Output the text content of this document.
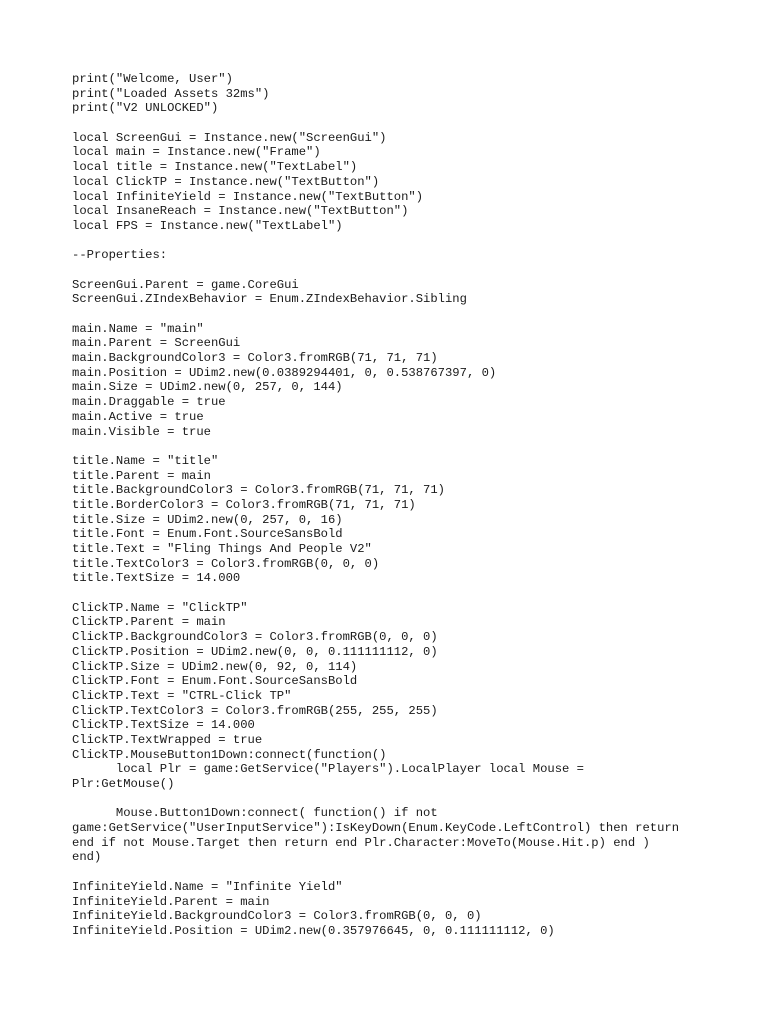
print("Welcome, User")
print("Loaded Assets 32ms")
print("V2 UNLOCKED")
local ScreenGui = Instance.new("ScreenGui")
local main = Instance.new("Frame")
local title = Instance.new("TextLabel")
local ClickTP = Instance.new("TextButton")
local InfiniteYield = Instance.new("TextButton")
local InsaneReach = Instance.new("TextButton")
local FPS = Instance.new("TextLabel")
--Properties:
ScreenGui.Parent = game.CoreGui
ScreenGui.ZIndexBehavior = Enum.ZIndexBehavior.Sibling
main.Name = "main"
main.Parent = ScreenGui
main.BackgroundColor3 = Color3.fromRGB(71, 71, 71)
main.Position = UDim2.new(0.0389294401, 0, 0.538767397, 0)
main.Size = UDim2.new(0, 257, 0, 144)
main.Draggable = true
main.Active = true
main.Visible = true
title.Name = "title"
title.Parent = main
title.BackgroundColor3 = Color3.fromRGB(71, 71, 71)
title.BorderColor3 = Color3.fromRGB(71, 71, 71)
title.Size = UDim2.new(0, 257, 0, 16)
title.Font = Enum.Font.SourceSansBold
title.Text = "Fling Things And People V2"
title.TextColor3 = Color3.fromRGB(0, 0, 0)
title.TextSize = 14.000
ClickTP.Name = "ClickTP"
ClickTP.Parent = main
ClickTP.BackgroundColor3 = Color3.fromRGB(0, 0, 0)
ClickTP.Position = UDim2.new(0, 0, 0.111111112, 0)
ClickTP.Size = UDim2.new(0, 92, 0, 114)
ClickTP.Font = Enum.Font.SourceSansBold
ClickTP.Text = "CTRL-Click TP"
ClickTP.TextColor3 = Color3.fromRGB(255, 255, 255)
ClickTP.TextSize = 14.000
ClickTP.TextWrapped = true
ClickTP.MouseButton1Down:connect(function()
local Plr = game:GetService("Players").LocalPlayer local Mouse =
Plr:GetMouse()
Mouse.Button1Down:connect( function() if not
game:GetService("UserInputService"):IsKeyDown(Enum.KeyCode.LeftControl) then return
end if not Mouse.Target then return end Plr.Character:MoveTo(Mouse.Hit.p) end )
end)
InfiniteYield.Name = "Infinite Yield"
InfiniteYield.Parent = main
InfiniteYield.BackgroundColor3 = Color3.fromRGB(0, 0, 0)
InfiniteYield.Position = UDim2.new(0.357976645, 0, 0.111111112, 0)
